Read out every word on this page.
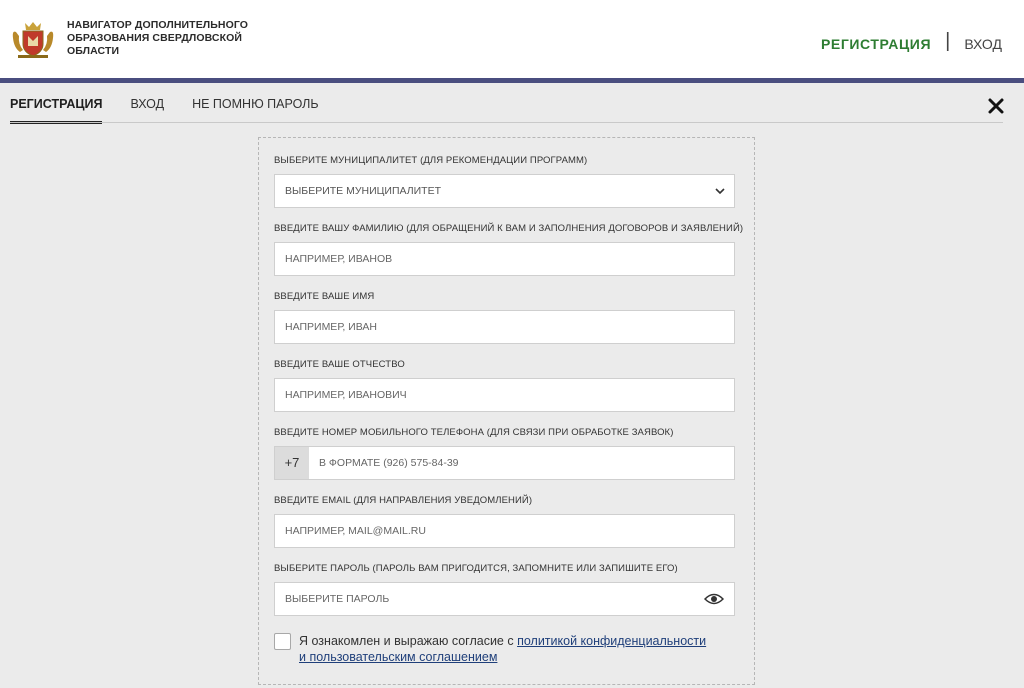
НАВИГАТОР ДОПОЛНИТЕЛЬНОГО
ОБРАЗОВАНИЯ СВЕРДЛОВСКОЙ
ОБЛАСТИ	РЕГИСТРАЦИЯ | ВХОД
РЕГИСТРАЦИЯ ВХОД НЕ ПОМНЮ ПАРОЛЬ
ВЫБЕРИТЕ МУНИЦИПАЛИТЕТ (ДЛЯ РЕКОМЕНДАЦИИ ПРОГРАММ)
ВЫБЕРИТЕ МУНИЦИПАЛИТЕТ
ВВЕДИТЕ ВАШУ ФАМИЛИЮ (ДЛЯ ОБРАЩЕНИЙ К ВАМ И ЗАПОЛНЕНИЯ ДОГОВОРОВ И ЗАЯВЛЕНИЙ)
НАПРИМЕР, ИВАНОВ
ВВЕДИТЕ ВАШЕ ИМЯ
НАПРИМЕР, ИВАН
ВВЕДИТЕ ВАШЕ ОТЧЕСТВО
НАПРИМЕР, ИВАНОВИЧ
ВВЕДИТЕ НОМЕР МОБИЛЬНОГО ТЕЛЕФОНА (ДЛЯ СВЯЗИ ПРИ ОБРАБОТКЕ ЗАЯВОК)
+7
В ФОРМАТЕ (926) 575-84-39
ВВЕДИТЕ EMAIL (ДЛЯ НАПРАВЛЕНИЯ УВЕДОМЛЕНИЙ)
НАПРИМЕР, MAIL@MAIL.RU
ВЫБЕРИТЕ ПАРОЛЬ (ПАРОЛЬ ВАМ ПРИГОДИТСЯ, ЗАПОМНИТЕ ИЛИ ЗАПИШИТЕ ЕГО)
Я ознакомлен и выражаю согласие с политикой конфиденциальности
и пользовательским соглашением
